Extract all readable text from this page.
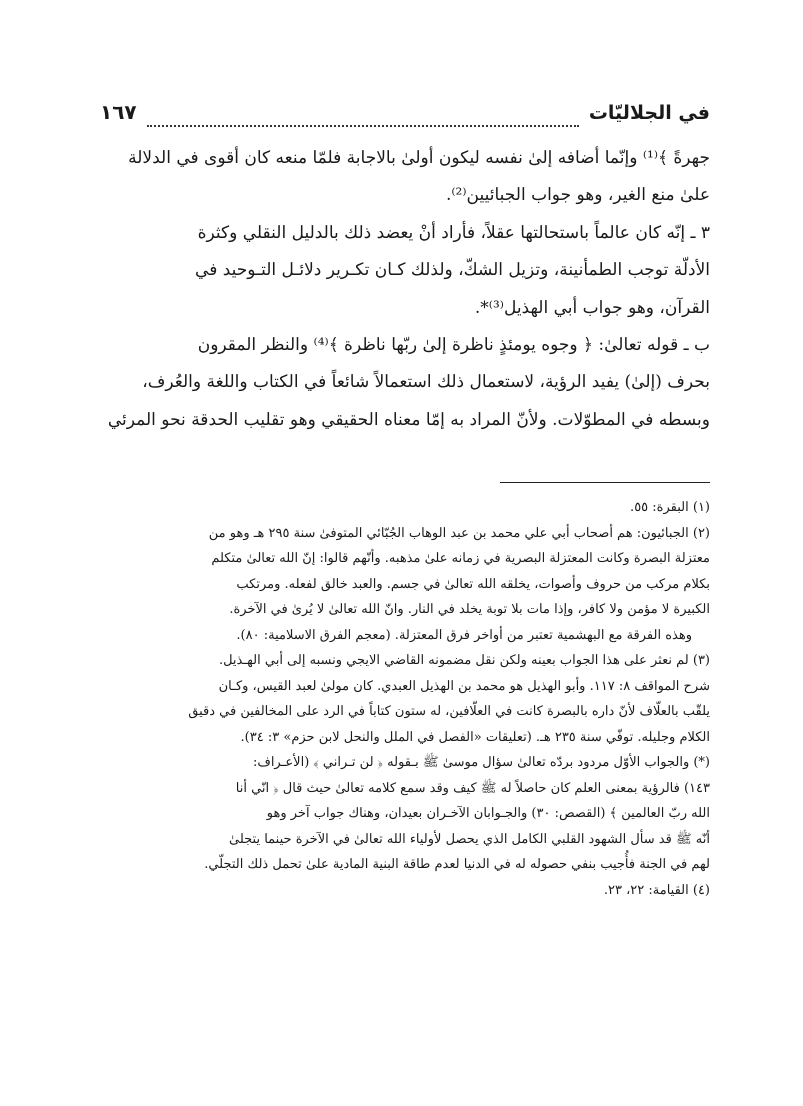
في الجلاليّات
١٦٧

جهرةً ﴾⁽¹⁾ وإنّما أضافه إلىٰ نفسه ليكون أولىٰ بالاجابة فلمّا منعه كان أقوى في الدلالة

علىٰ منع الغير، وهو جواب الجبائيين⁽²⁾.

٣ ـ إنّه كان عالماً باستحالتها عقلاً، فأراد أنْ يعضد ذلك بالدليل النقلي وكثرة

الأدلّة توجب الطمأنينة، وتزيل الشكّ، ولذلك كـان تكـرير دلائـل التـوحيد في

القرآن، وهو جواب أبي الهذيل⁽³⁾*.

ب ـ قوله تعالىٰ: ﴿ وجوه يومئذٍ ناظرة إلىٰ ربّها ناظرة ﴾⁽⁴⁾ والنظر المقرون

بحرف (إلىٰ) يفيد الرؤية، لاستعمال ذلك استعمالاً شائعاً في الكتاب واللغة والعُرف،

وبسطه في المطوّلات. ولأنّ المراد به إمّا معناه الحقيقي وهو تقليب الحدقة نحو المرئي

(١) البقرة: ٥٥.

(٢) الجبائيون: هم أصحاب أبي علي محمد بن عبد الوهاب الجُبّائي المتوفىٰ سنة ٢٩٥ هـ وهو من

معتزلة البصرة وكانت المعتزلة البصرية في زمانه علىٰ مذهبه. وأنّهم قالوا: إنّ الله تعالىٰ متكلم

بكلام مركب من حروف وأصوات، يخلقه الله تعالىٰ في جسم. والعبد خالق لفعله. ومرتكب

الكبيرة لا مؤمن ولا كافر، وإذا مات بلا توبة يخلد في النار. وانّ الله تعالىٰ لا يُرىٰ في الآخرة.

وهذه الفرقة مع البهشمية تعتبر من أواخر فرق المعتزلة. (معجم الفرق الاسلامية: ٨٠).

(٣) لم نعثر على هذا الجواب بعينه ولكن نقل مضمونه القاضي الايجي ونسبه إلى أبي الهـذيل.

شرح المواقف ٨: ١١٧. وأبو الهذيل هو محمد بن الهذيل العبدي. كان مولىٰ لعبد القيس، وكـان

يلقّب بالعلّاف لأنّ داره بالبصرة كانت في العلّافين، له ستون كتاباً في الرد على المخالفين في دقيق

الكلام وجليله. توفّي سنة ٢٣٥ هـ. (تعليقات «الفصل في الملل والنحل لابن حزم» ٣: ٣٤).

(*) والجواب الأوّل مردود بردّه تعالىٰ سؤال موسىٰ ﷺ بـقوله ﴿ لن تـراني ﴾ (الأعـراف:

١٤٣) فالرؤية بمعنى العلم كان حاصلاً له ﷺ كيف وقد سمع كلامه تعالىٰ حيث قال ﴿ انّي أنا

الله ربّ العالمين ﴾ (القصص: ٣٠) والجـوابان الآخـران بعيدان، وهناك جواب آخر وهو

أنّه ﷺ قد سأل الشهود القلبي الكامل الذي يحصل لأولياء الله تعالىٰ في الآخرة حينما يتجلىٰ

لهم في الجنة فأُجيب بنفي حصوله له في الدنيا لعدم طاقة البنية المادية علىٰ تحمل ذلك التجلّي.

(٤) القيامة: ٢٢، ٢٣.
